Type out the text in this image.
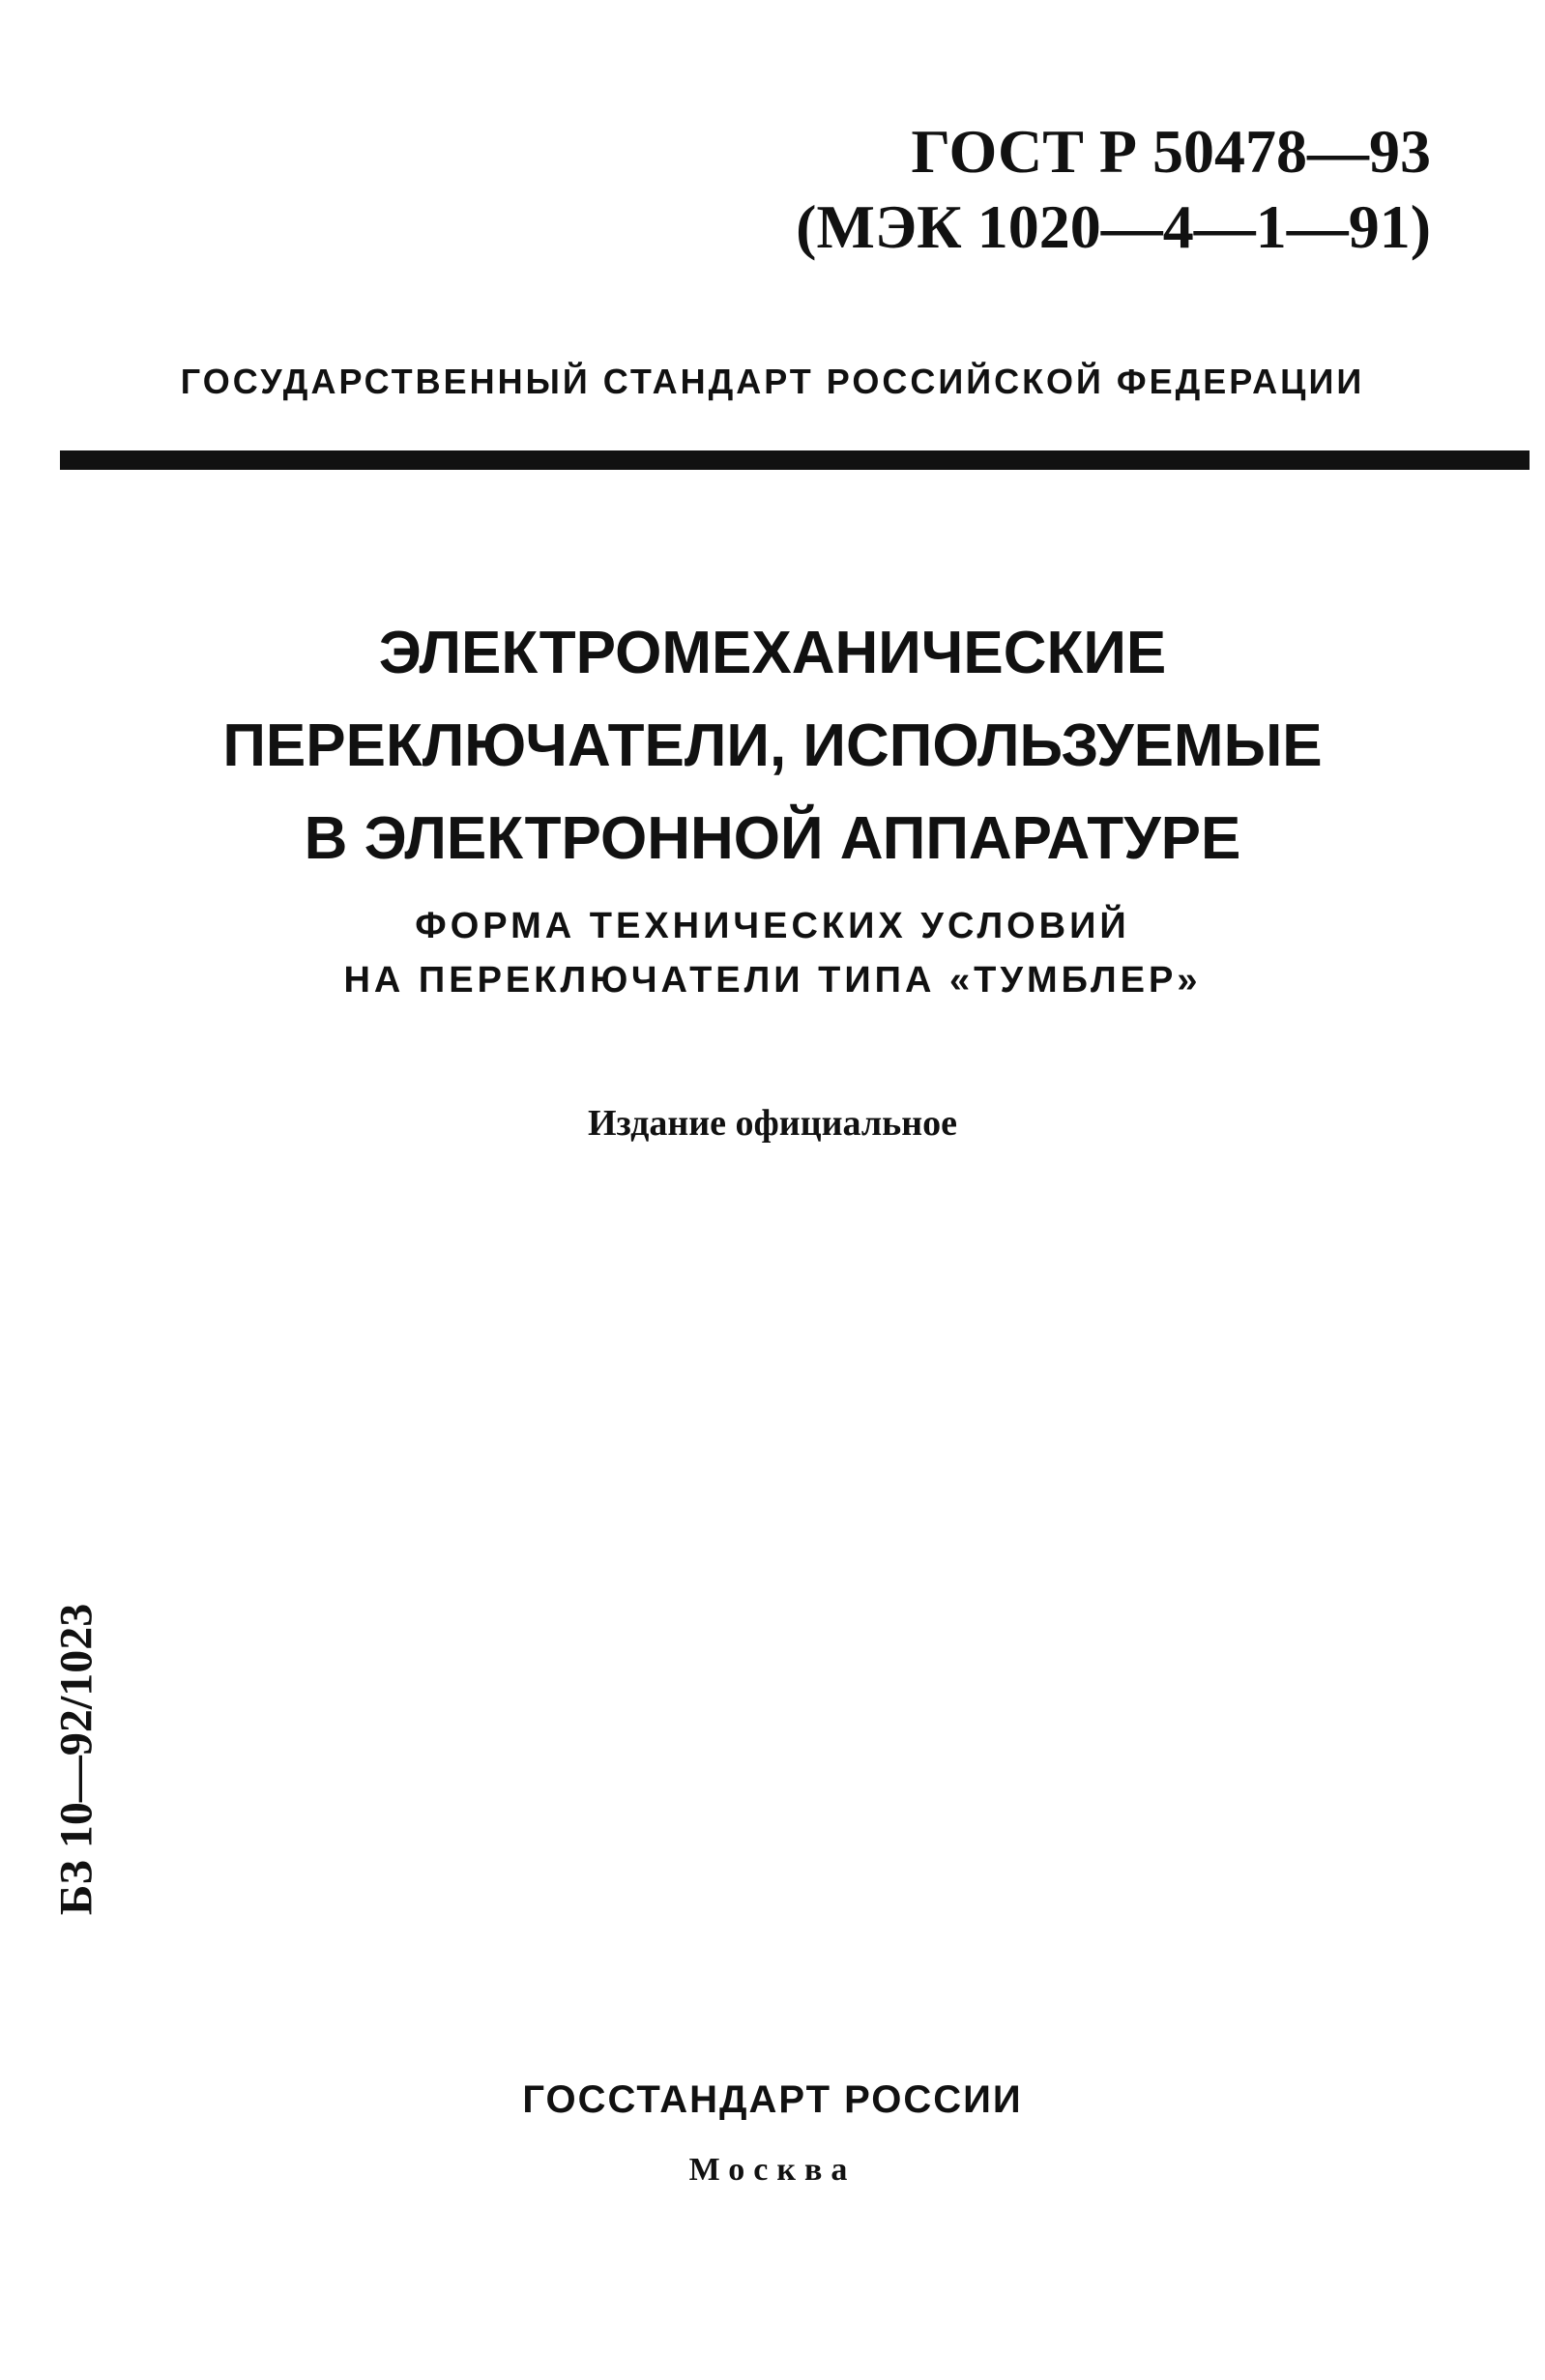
ГОСТ Р 50478—93
(МЭК 1020—4—1—91)
ГОСУДАРСТВЕННЫЙ СТАНДАРТ РОССИЙСКОЙ ФЕДЕРАЦИИ
ЭЛЕКТРОМЕХАНИЧЕСКИЕ
ПЕРЕКЛЮЧАТЕЛИ, ИСПОЛЬЗУЕМЫЕ
В ЭЛЕКТРОННОЙ АППАРАТУРЕ
ФОРМА ТЕХНИЧЕСКИХ УСЛОВИЙ
НА ПЕРЕКЛЮЧАТЕЛИ ТИПА «ТУМБЛЕР»
Издание официальное
БЗ 10—92/1023
ГОССТАНДАРТ РОССИИ
Москва
